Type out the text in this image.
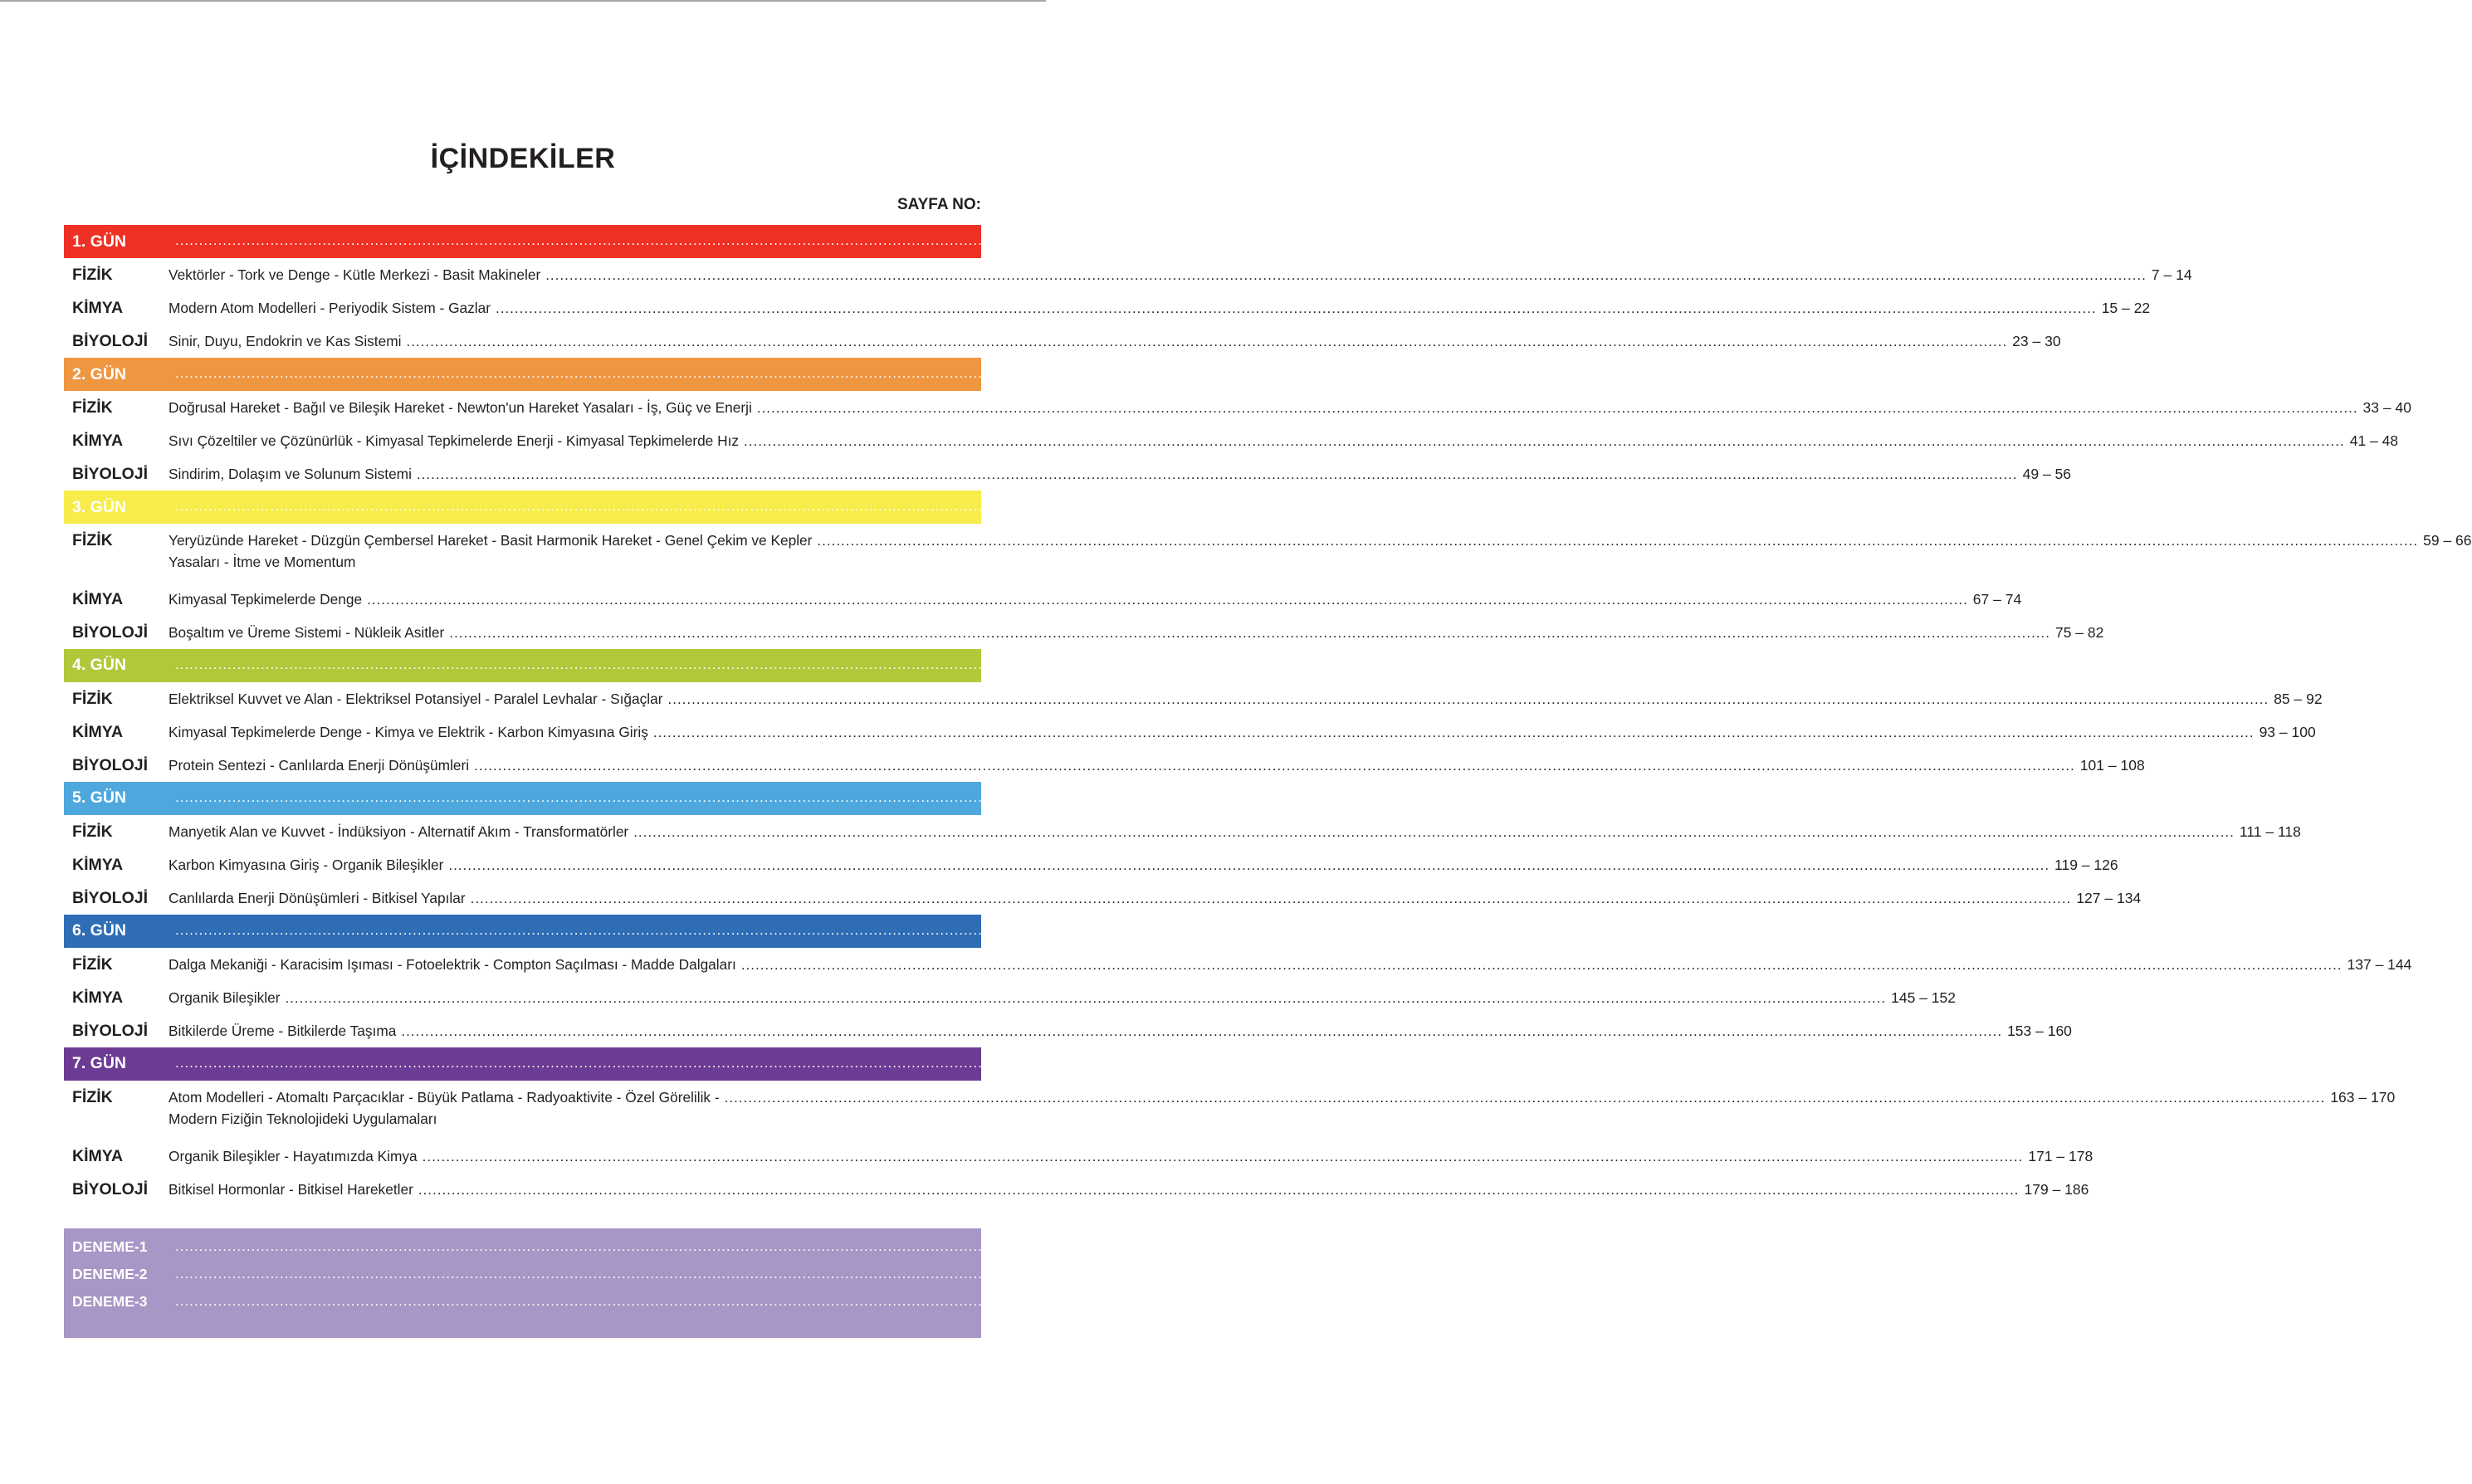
İÇİNDEKİLER
SAYFA NO:
1. GÜN .....	5 – 30
FİZİK	Vektörler - Tork ve Denge - Kütle Merkezi - Basit Makineler .....	7 – 14
KİMYA	Modern Atom Modelleri - Periyodik Sistem - Gazlar .....	15 – 22
BİYOLOJİ	Sinir, Duyu, Endokrin ve Kas Sistemi .....	23 – 30
2. GÜN .....	31 – 56
FİZİK	Doğrusal Hareket - Bağıl ve Bileşik Hareket - Newton'un Hareket Yasaları - İş, Güç ve Enerji .....	33 – 40
KİMYA	Sıvı Çözeltiler ve Çözünürlük - Kimyasal Tepkimelerde Enerji - Kimyasal Tepkimelerde Hız .....	41 – 48
BİYOLOJİ	Sindirim, Dolaşım ve Solunum Sistemi .....	49 – 56
3. GÜN .....	57 – 82
FİZİK	Yeryüzünde Hareket - Düzgün Çembersel Hareket - Basit Harmonik Hareket - Genel Çekim ve Kepler .....	59 – 66
Yasaları - İtme ve Momentum
KİMYA	Kimyasal Tepkimelerde Denge .....	67 – 74
BİYOLOJİ	Boşaltım ve Üreme Sistemi - Nükleik Asitler .....	75 – 82
4. GÜN .....	83 – 108
FİZİK	Elektriksel Kuvvet ve Alan - Elektriksel Potansiyel - Paralel Levhalar - Sığaçlar .....	85 – 92
KİMYA	Kimyasal Tepkimelerde Denge - Kimya ve Elektrik - Karbon Kimyasına Giriş .....	93 – 100
BİYOLOJİ	Protein Sentezi - Canlılarda Enerji Dönüşümleri .....	101 – 108
5. GÜN .....	109 – 134
FİZİK	Manyetik Alan ve Kuvvet - İndüksiyon - Alternatif Akım - Transformatörler .....	111 – 118
KİMYA	Karbon Kimyasına Giriş - Organik Bileşikler .....	119 – 126
BİYOLOJİ	Canlılarda Enerji Dönüşümleri - Bitkisel Yapılar .....	127 – 134
6. GÜN .....	135 – 160
FİZİK	Dalga Mekaniği - Karacisim Işıması - Fotoelektrik - Compton Saçılması - Madde Dalgaları .....	137 – 144
KİMYA	Organik Bileşikler .....	145 – 152
BİYOLOJİ	Bitkilerde Üreme - Bitkilerde Taşıma .....	153 – 160
7. GÜN .....	161 – 186
FİZİK	Atom Modelleri - Atomaltı Parçacıklar - Büyük Patlama - Radyoaktivite - Özel Görelilik - .....	163 – 170
Modern Fiziğin Teknolojideki Uygulamaları
KİMYA	Organik Bileşikler - Hayatımızda Kimya .....	171 – 178
BİYOLOJİ	Bitkisel Hormonlar - Bitkisel Hareketler .....	179 – 186
DENEME-1 .....	187 – 196
DENEME-2 .....	197 – 206
DENEME-3 .....	207 – 206
